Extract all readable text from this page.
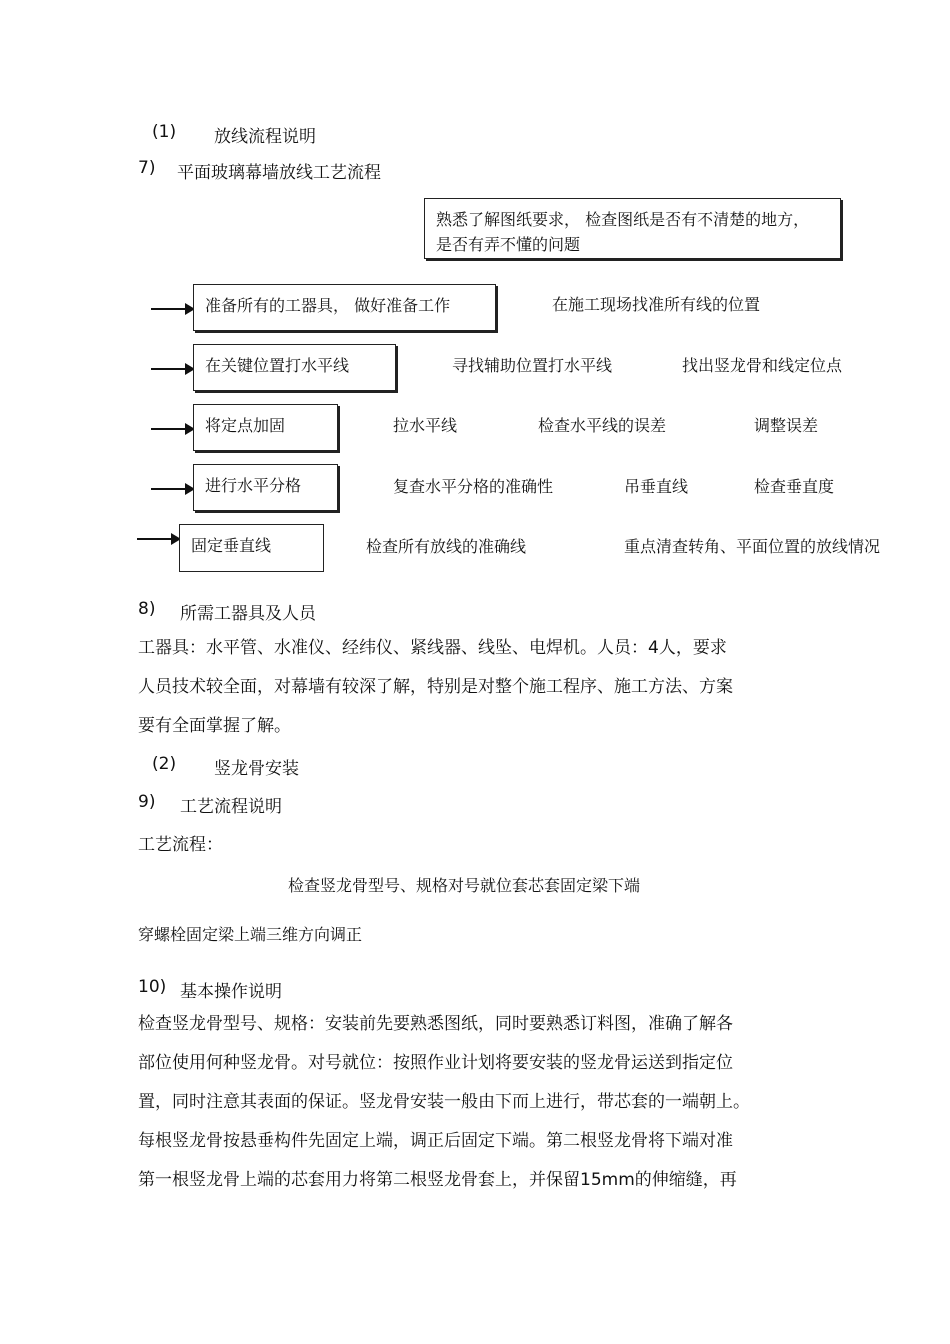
(1) 放线流程说明
7) 平面玻璃幕墙放线工艺流程
熟悉了解图纸要求， 检查图纸是否有不清楚的地方，
是否有弄不懂的问题
准备所有的工器具， 做好准备工作	在施工现场找准所有线的位置
在关键位置打水平线	寻找辅助位置打水平线	找出竖龙骨和线定位点
将定点加固	拉水平线	检查水平线的误差	调整误差
进行水平分格	复查水平分格的准确性	吊垂直线	检查垂直度
固定垂直线	检查所有放线的准确线	重点清查转角、平面位置的放线情况
8) 所需工器具及人员
工器具：水平管、水准仪、经纬仪、紧线器、线坠、电焊机。人员：4人，要求
人员技术较全面，对幕墙有较深了解，特别是对整个施工程序、施工方法、方案
要有全面掌握了解。
(2) 竖龙骨安装
9) 工艺流程说明
工艺流程：
检查竖龙骨型号、规格对号就位套芯套固定梁下端
穿螺栓固定梁上端三维方向调正
10) 基本操作说明
检查竖龙骨型号、规格：安装前先要熟悉图纸，同时要熟悉订料图，准确了解各
部位使用何种竖龙骨。对号就位：按照作业计划将要安装的竖龙骨运送到指定位
置，同时注意其表面的保证。竖龙骨安装一般由下而上进行，带芯套的一端朝上。
每根竖龙骨按悬垂构件先固定上端，调正后固定下端。第二根竖龙骨将下端对准
第一根竖龙骨上端的芯套用力将第二根竖龙骨套上，并保留15mm的伸缩缝，再
